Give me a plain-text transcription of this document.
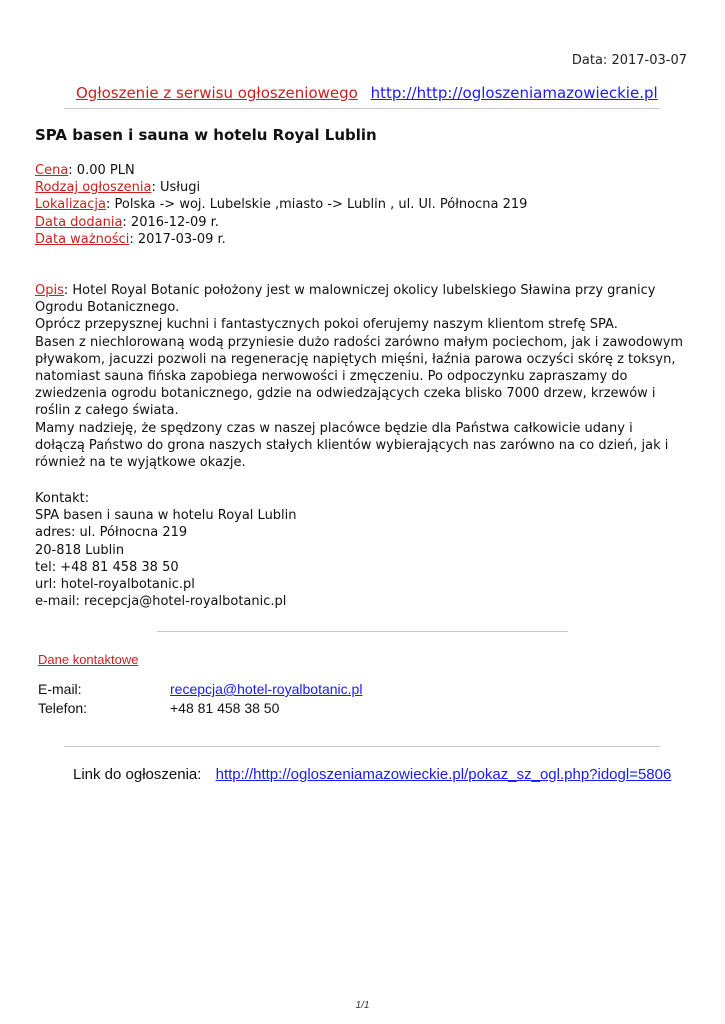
Data: 2017-03-07
Ogłoszenie z serwisu ogłoszeniowego http://http://ogloszeniamazowieckie.pl
SPA basen i sauna w hotelu Royal Lublin
Cena: 0.00 PLN
Rodzaj ogłoszenia: Usługi
Lokalizacja: Polska -> woj. Lubelskie ,miasto -> Lublin , ul. Ul. Północna 219
Data dodania: 2016-12-09 r.
Data ważności: 2017-03-09 r.

Opis: Hotel Royal Botanic położony jest w malowniczej okolicy lubelskiego Sławina przy granicy Ogrodu Botanicznego.

Oprócz przepysznej kuchni i fantastycznych pokoi oferujemy naszym klientom strefę SPA.

Basen z niechlorowaną wodą przyniesie dużo radości zarówno małym pociechom, jak i zawodowym pływakom, jacuzzi pozwoli na regenerację napiętych mięśni, łaźnia parowa oczyści skórę z toksyn, natomiast sauna fińska zapobiega nerwowości i zmęczeniu. Po odpoczynku zapraszamy do zwiedzenia ogrodu botanicznego, gdzie na odwiedzających czeka blisko 7000 drzew, krzewów i roślin z całego świata.

Mamy nadzieję, że spędzony czas w naszej placówce będzie dla Państwa całkowicie udany i dołączą Państwo do grona naszych stałych klientów wybierających nas zarówno na co dzień, jak i również na te wyjątkowe okazje.

Kontakt:
SPA basen i sauna w hotelu Royal Lublin
adres: ul. Północna 219
20-818 Lublin
tel: +48 81 458 38 50
url: hotel-royalbotanic.pl
e-mail: recepcja@hotel-royalbotanic.pl
Dane kontaktowe
E-mail:	recepcja@hotel-royalbotanic.pl
Telefon:	+48 81 458 38 50
Link do ogłoszenia: http://http://ogloszeniamazowieckie.pl/pokaz_sz_ogl.php?idogl=5806
1/1
